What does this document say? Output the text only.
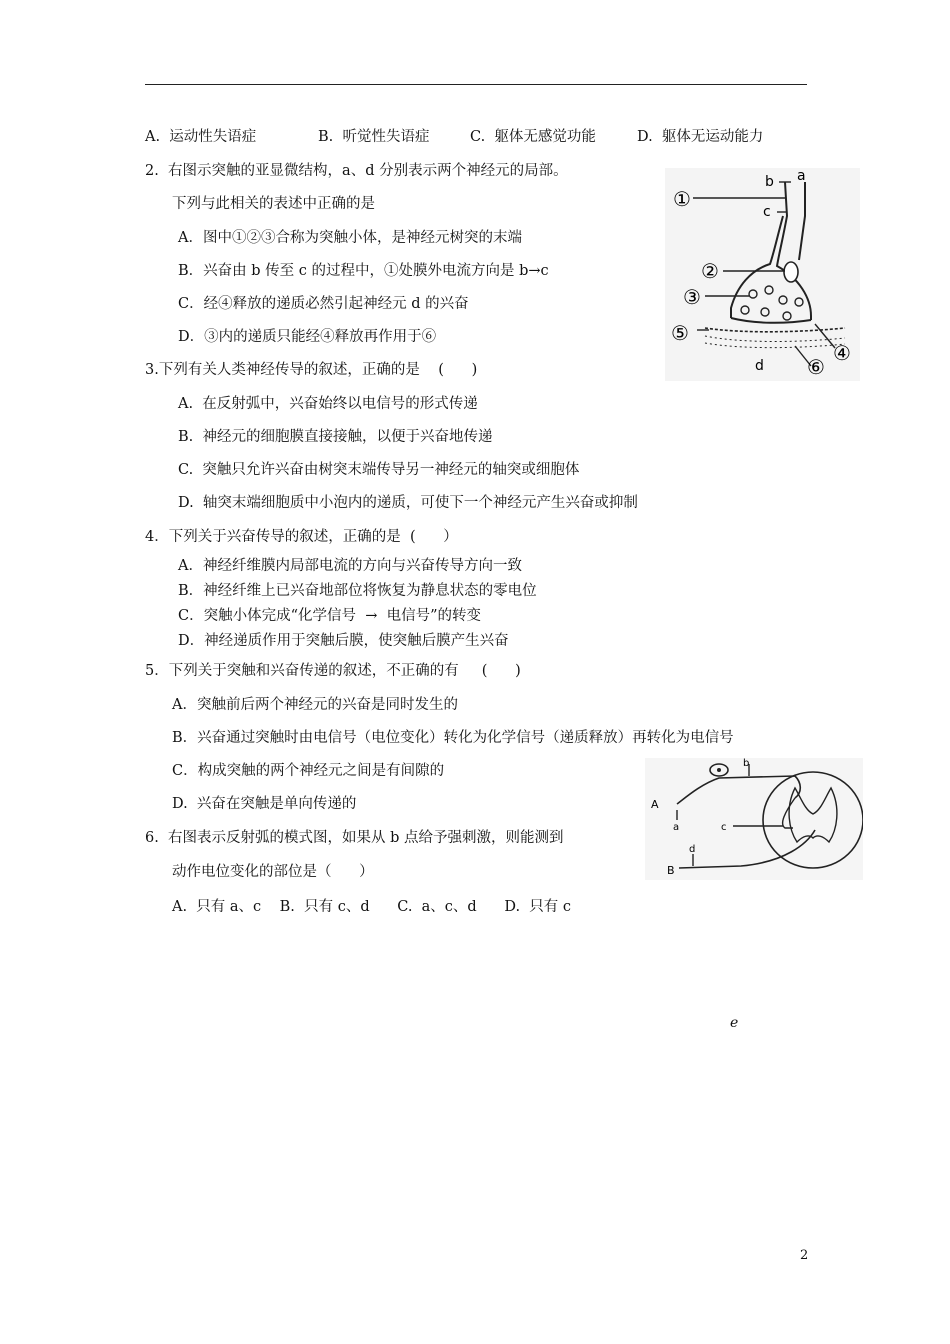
A.  运动性失语症	B.  听觉性失语症	C.  躯体无感觉功能	D.  躯体无运动能力
2.  右图示突触的亚显微结构，a、d 分别表示两个神经元的局部。
下列与此相关的表述中正确的是
A．图中①②③合称为突触小体，是神经元树突的末端
B．兴奋由 b 传至 c 的过程中，①处膜外电流方向是 b→c
C．经④释放的递质必然引起神经元 d 的兴奋
D．③内的递质只能经④释放再作用于⑥
①
b a
c
②
③
⑤
④
⑥
d
3.下列有关人类神经传导的叙述，正确的是    (      )
A.  在反射弧中，兴奋始终以电信号的形式传递
B.  神经元的细胞膜直接接触，以便于兴奋地传递
C.  突触只允许兴奋由树突末端传导另一神经元的轴突或细胞体
D.  轴突末端细胞质中小泡内的递质，可使下一个神经元产生兴奋或抑制
4．下列关于兴奋传导的叙述，正确的是  (      ）
A．神经纤维膜内局部电流的方向与兴奋传导方向一致
B．神经纤维上已兴奋地部位将恢复为静息状态的零电位
C．突触小体完成“化学信号  →  电信号”的转变
D．神经递质作用于突触后膜，使突触后膜产生兴奋
5．下列关于突触和兴奋传递的叙述，不正确的有     (      )
A．突触前后两个神经元的兴奋是同时发生的
B．兴奋通过突触时由电信号（电位变化）转化为化学信号（递质释放）再转化为电信号
C．构成突触的两个神经元之间是有间隙的
D.  兴奋在突触是单向传递的	A
a
b
c
d
B
6.  右图表示反射弧的模式图，如果从 b 点给予强刺激，则能测到
动作电位变化的部位是（      ）
A.  只有 a、c    B.  只有 c、d      C.  a、c、d      D.  只有 c
e
2
